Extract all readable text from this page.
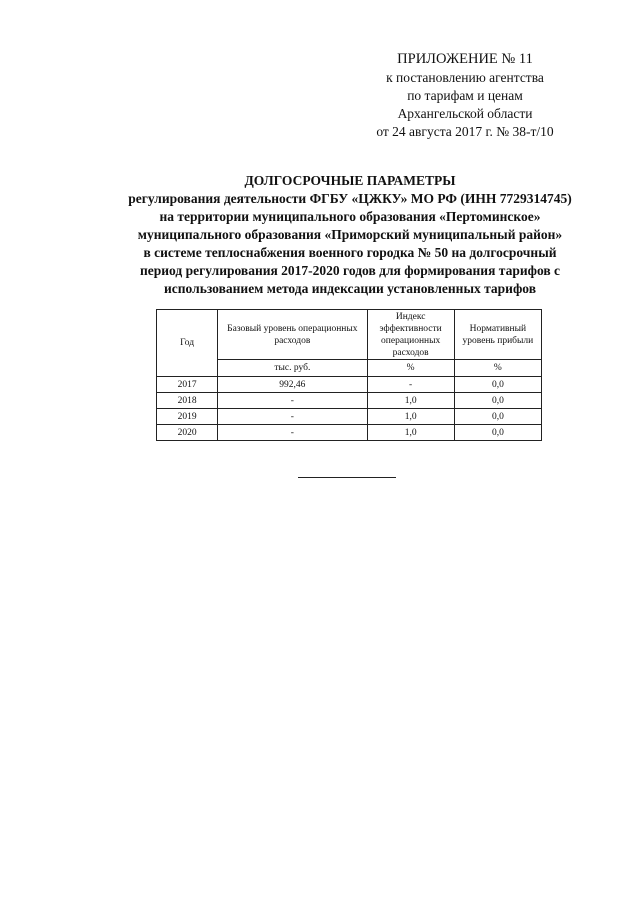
ПРИЛОЖЕНИЕ № 11
к постановлению агентства
по тарифам и ценам
Архангельской области
от 24 августа 2017 г. № 38-т/10
ДОЛГОСРОЧНЫЕ ПАРАМЕТРЫ
регулирования деятельности ФГБУ «ЦЖКУ» МО РФ (ИНН 7729314745)
на территории муниципального образования «Пертоминское»
муниципального образования «Приморский муниципальный район»
в системе теплоснабжения военного городка № 50 на долгосрочный
период регулирования 2017-2020 годов для формирования тарифов с
использованием метода индексации установленных тарифов
Год	Базовый уровень операционных расходов	Индекс эффективности операционных расходов	Нормативный уровень прибыли
	тыс. руб.	%	%
2017	992,46	-	0,0
2018	-	1,0	0,0
2019	-	1,0	0,0
2020	-	1,0	0,0
